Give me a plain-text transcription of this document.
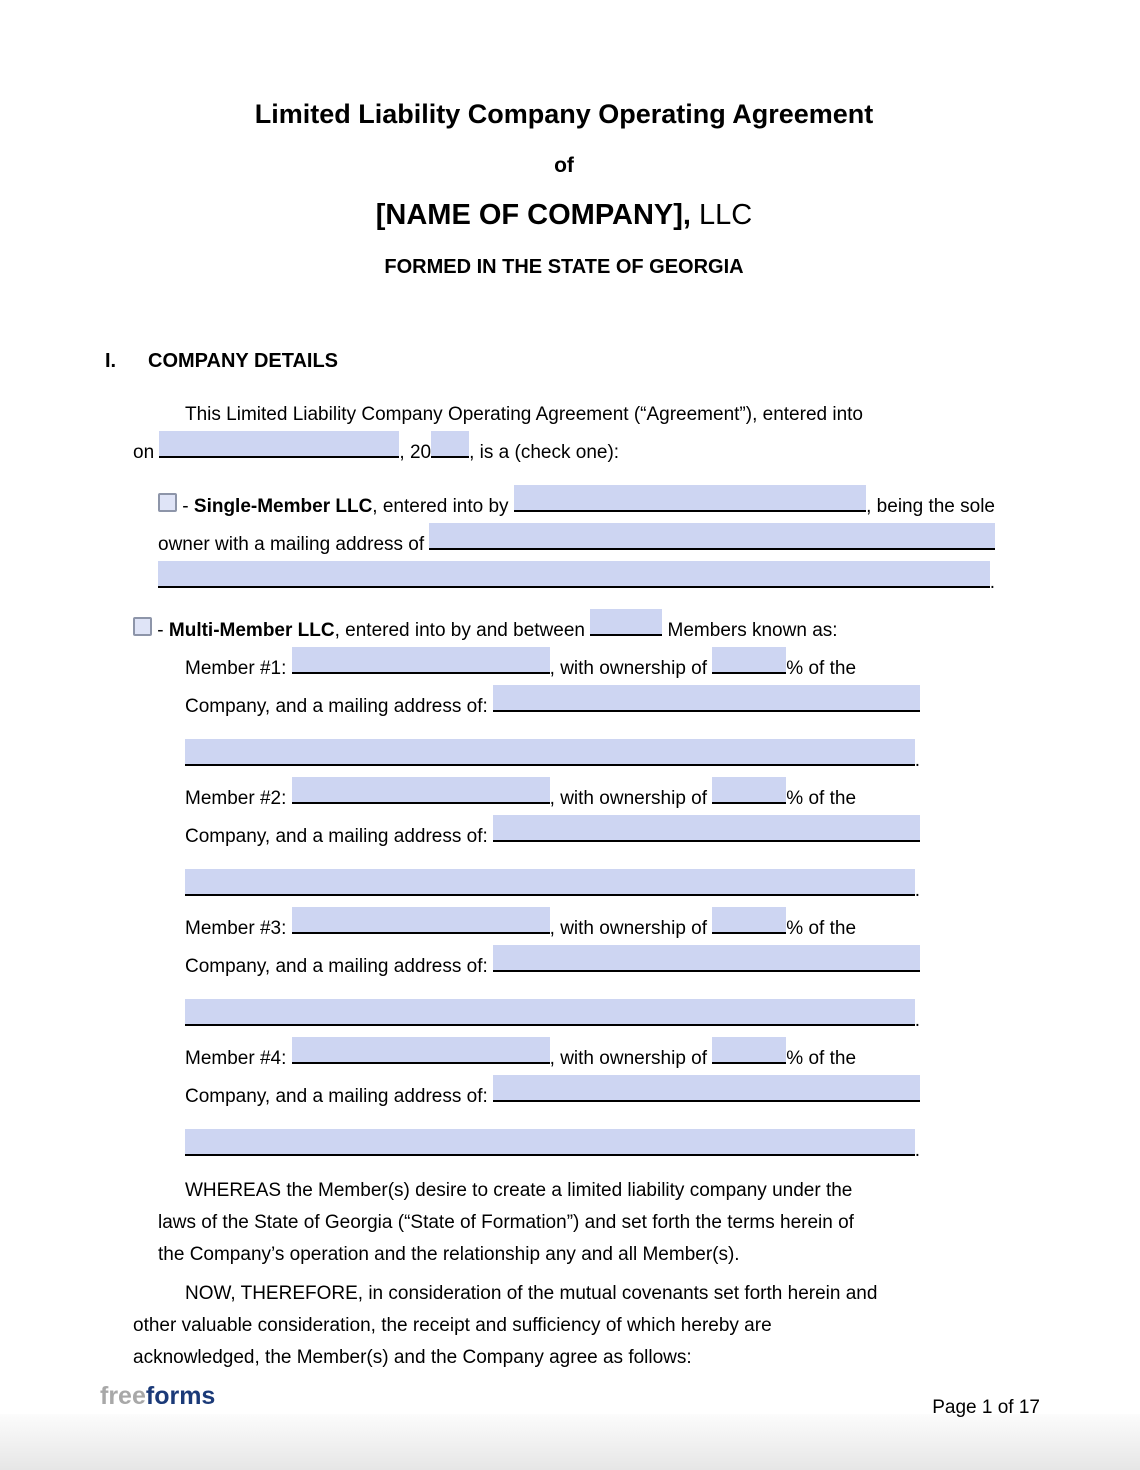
Limited Liability Company Operating Agreement
of
[NAME OF COMPANY], LLC
FORMED IN THE STATE OF GEORGIA
I. COMPANY DETAILS
This Limited Liability Company Operating Agreement (“Agreement”), entered into
on	, 20 , is a (check one):
- Single-Member LLC , entered into by	, being the sole
owner with a mailing address of
.
- Multi-Member LLC , entered into by and between	Members known as:
Member #1:	, with ownership of	% of the
Company, and a mailing address of:
.
Member #2:	, with ownership of	% of the
Company, and a mailing address of:
.
Member #3:	, with ownership of	% of the
Company, and a mailing address of:
.
Member #4:	, with ownership of	% of the
Company, and a mailing address of:
.
WHEREAS the Member(s) desire to create a limited liability company under the
laws of the State of Georgia (“State of Formation”) and set forth the terms herein of
the Company’s operation and the relationship any and all Member(s).
NOW, THEREFORE, in consideration of the mutual covenants set forth herein and
other valuable consideration, the receipt and sufficiency of which hereby are
acknowledged, the Member(s) and the Company agree as follows:
freeforms	Page 1 of 17
